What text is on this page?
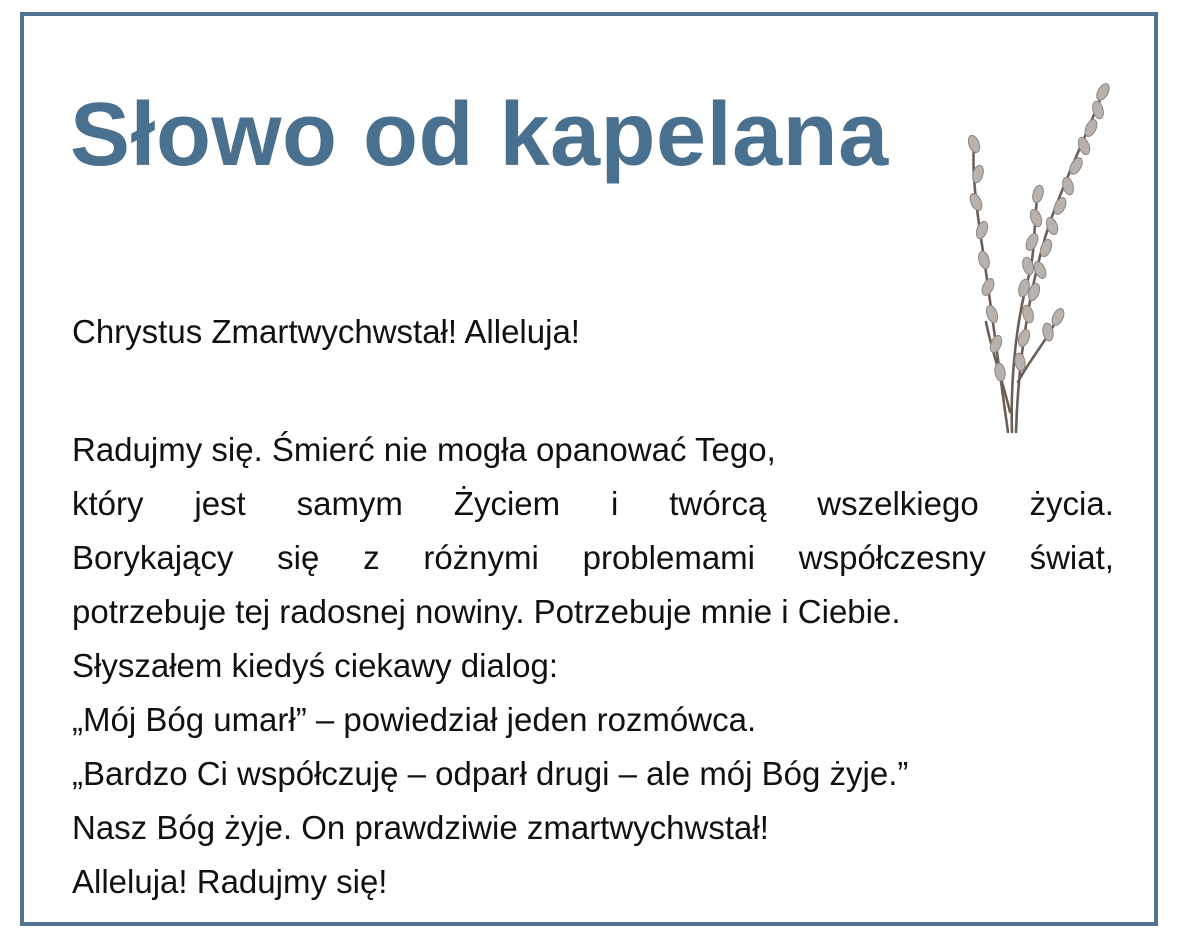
Słowo od kapelana

Chrystus Zmartwychwstał! Alleluja!

Radujmy się. Śmierć nie mogła opanować Tego,
który jest samym Życiem i twórcą wszelkiego życia.
Borykający się z różnymi problemami współczesny świat,
potrzebuje tej radosnej nowiny. Potrzebuje mnie i Ciebie.
Słyszałem kiedyś ciekawy dialog:
„Mój Bóg umarł” – powiedział jeden rozmówca.
„Bardzo Ci współczuję – odparł drugi – ale mój Bóg żyje.”
Nasz Bóg żyje. On prawdziwie zmartwychwstał!
Alleluja! Radujmy się!
